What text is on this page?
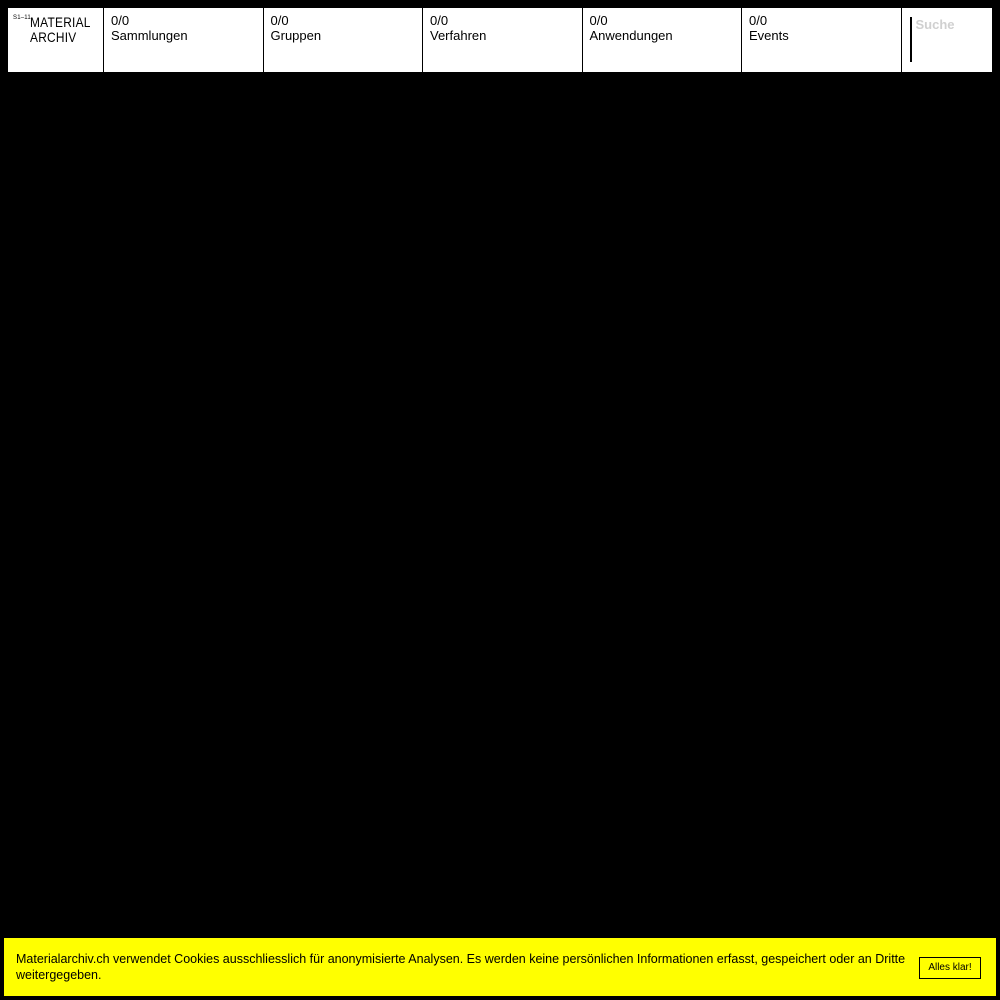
S1–11 MATERIAL
ARCHIV
0/0
Sammlungen
0/0
Gruppen
0/0
Verfahren
0/0
Anwendungen
0/0
Events
Suche
Materialarchiv.ch verwendet Cookies ausschliesslich für anonymisierte Analysen. Es werden keine persönlichen Informationen erfasst, gespeichert oder an Dritte weitergegeben.
Alles klar!
